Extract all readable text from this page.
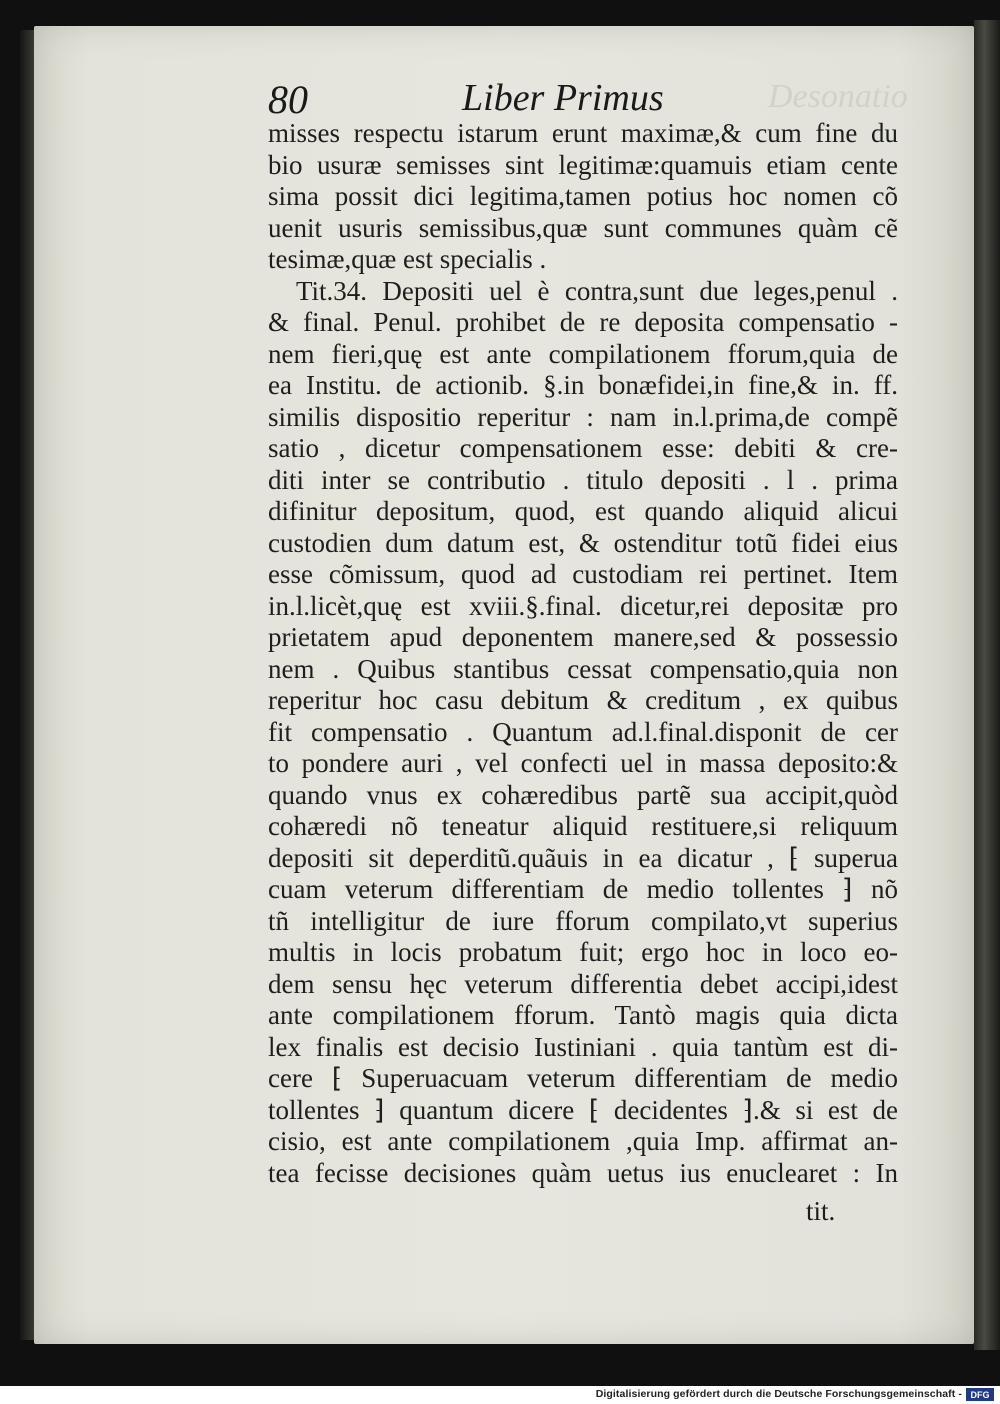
Desonatio
80	Liber Primus
misses respectu istarum erunt maximæ,& cum fine du
bio usuræ semisses sint legitimæ:quamuis etiam cente
sima possit dici legitima,tamen potius hoc nomen cõ
uenit usuris semissibus,quæ sunt communes quàm cẽ
tesimæ,quæ est specialis .
Tit.34. Depositi uel è contra,sunt due leges,penul .
& final. Penul. prohibet de re deposita compensatio -
nem fieri,quę est ante compilationem fforum,quia de
ea Institu. de actionib. §.in bonæfidei,in fine,& in. ff.
similis dispositio reperitur : nam in.l.prima,de compẽ
satio , dicetur compensationem esse: debiti & cre-
diti inter se contributio . titulo depositi . l . prima
difinitur depositum, quod, est quando aliquid alicui
custodien dum datum est, & ostenditur totũ fidei eius
esse cõmissum, quod ad custodiam rei pertinet. Item
in.l.licèt,quę est xviii.§.final. dicetur,rei depositæ pro
prietatem apud deponentem manere,sed & possessio
nem . Quibus stantibus cessat compensatio,quia non
reperitur hoc casu debitum & creditum , ex quibus
fit compensatio . Quantum ad.l.final.disponit de cer
to pondere auri , vel confecti uel in massa deposito:&
quando vnus ex cohæredibus partẽ sua accipit,quòd
cohæredi nõ teneatur aliquid restituere,si reliquum
depositi sit deperditũ.quãuis in ea dicatur , ⁅ superua
cuam veterum differentiam de medio tollentes ⁆ nõ
tñ intelligitur de iure fforum compilato,vt superius
multis in locis probatum fuit; ergo hoc in loco eo-
dem sensu hęc veterum differentia debet accipi,idest
ante compilationem fforum. Tantò magis quia dicta
lex finalis est decisio Iustiniani . quia tantùm est di-
cere ⁅ Superuacuam veterum differentiam de medio
tollentes ⁆ quantum dicere ⁅ decidentes ⁆.& si est de
cisio, est ante compilationem ,quia Imp. affirmat an-
tea fecisse decisiones quàm uetus ius enuclearet : In
tit.
Digitalisierung gefördert durch die Deutsche Forschungsgemeinschaft - DFG
